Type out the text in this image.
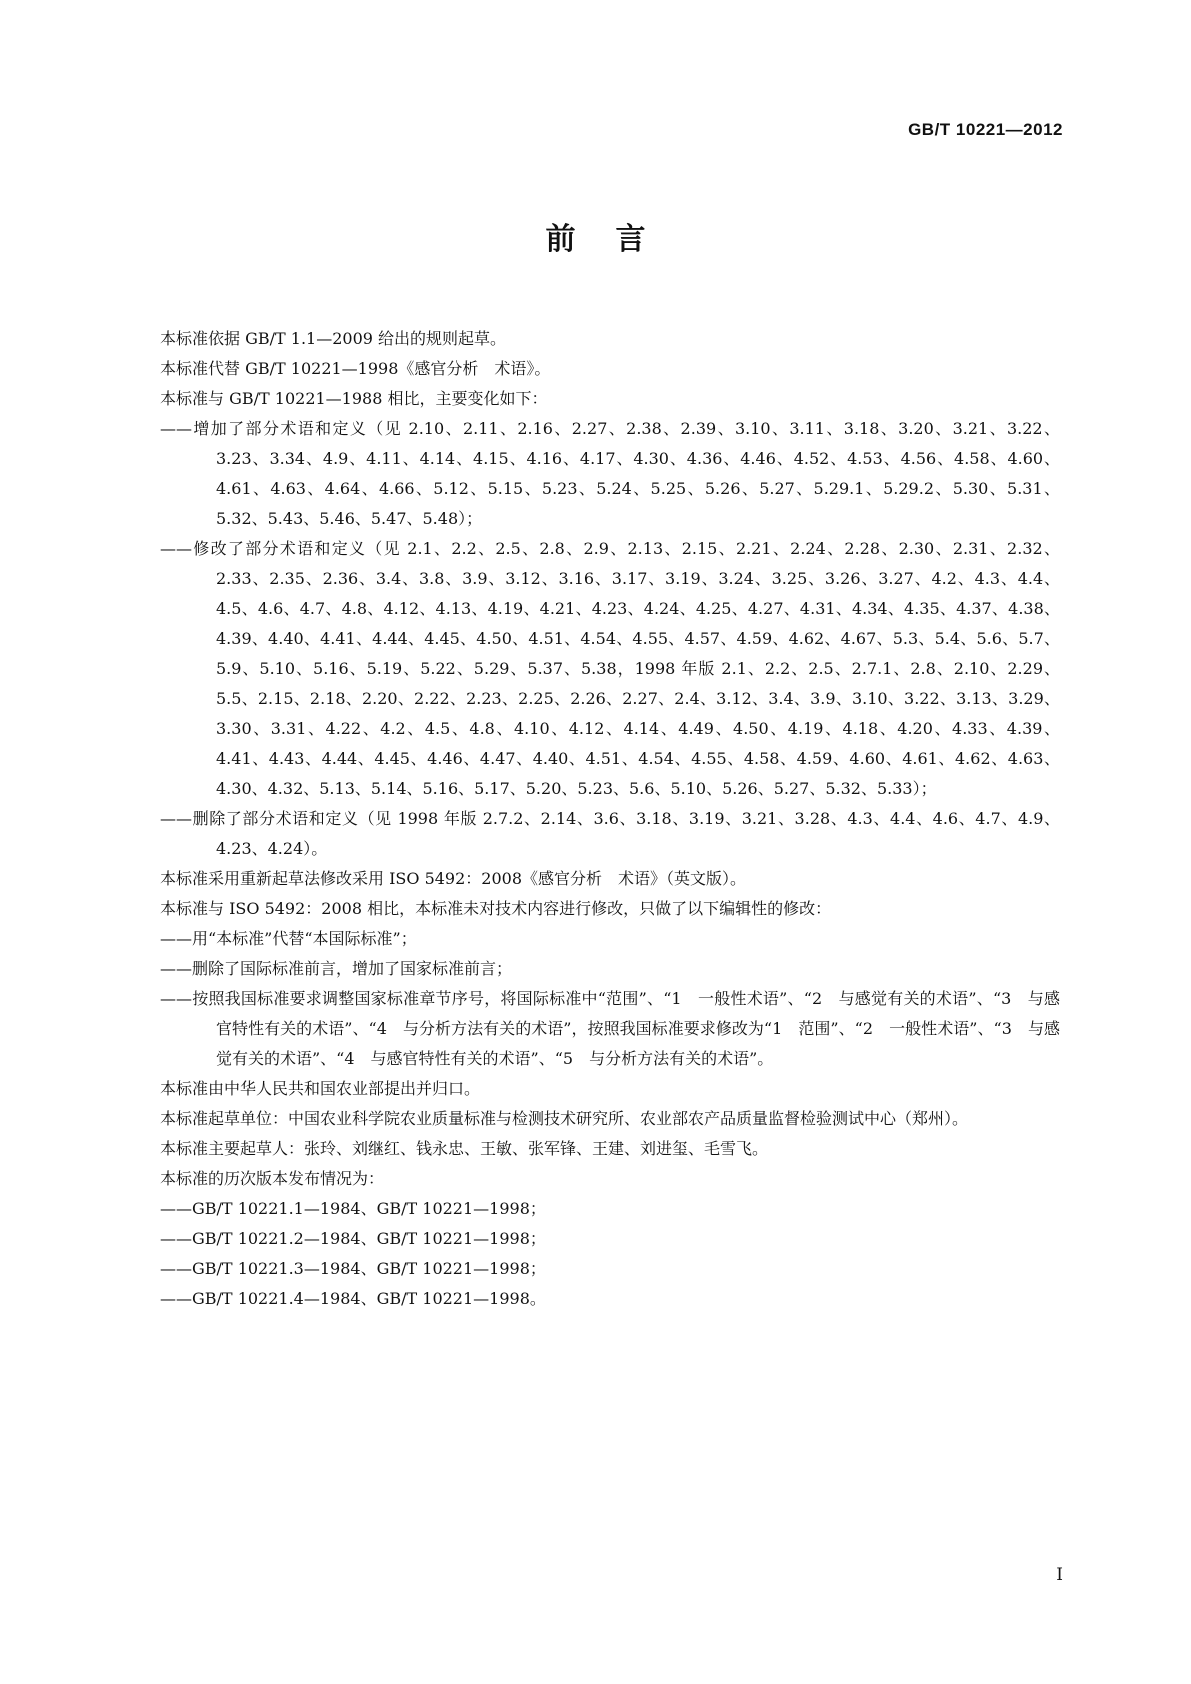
GB/T 10221—2012
前言

本标准依据 GB/T 1.1—2009 给出的规则起草。

本标准代替 GB/T 10221—1998《感官分析　术语》。

本标准与 GB/T 10221—1988 相比，主要变化如下：

——增加了部分术语和定义（见 2.10、2.11、2.16、2.27、2.38、2.39、3.10、3.11、3.18、3.20、3.21、3.22、3.23、3.34、4.9、4.11、4.14、4.15、4.16、4.17、4.30、4.36、4.46、4.52、4.53、4.56、4.58、4.60、4.61、4.63、4.64、4.66、5.12、5.15、5.23、5.24、5.25、5.26、5.27、5.29.1、5.29.2、5.30、5.31、5.32、5.43、5.46、5.47、5.48）；

——修改了部分术语和定义（见 2.1、2.2、2.5、2.8、2.9、2.13、2.15、2.21、2.24、2.28、2.30、2.31、2.32、2.33、2.35、2.36、3.4、3.8、3.9、3.12、3.16、3.17、3.19、3.24、3.25、3.26、3.27、4.2、4.3、4.4、4.5、4.6、4.7、4.8、4.12、4.13、4.19、4.21、4.23、4.24、4.25、4.27、4.31、4.34、4.35、4.37、4.38、4.39、4.40、4.41、4.44、4.45、4.50、4.51、4.54、4.55、4.57、4.59、4.62、4.67、5.3、5.4、5.6、5.7、5.9、5.10、5.16、5.19、5.22、5.29、5.37、5.38，1998 年版 2.1、2.2、2.5、2.7.1、2.8、2.10、2.29、5.5、2.15、2.18、2.20、2.22、2.23、2.25、2.26、2.27、2.4、3.12、3.4、3.9、3.10、3.22、3.13、3.29、3.30、3.31、4.22、4.2、4.5、4.8、4.10、4.12、4.14、4.49、4.50、4.19、4.18、4.20、4.33、4.39、4.41、4.43、4.44、4.45、4.46、4.47、4.40、4.51、4.54、4.55、4.58、4.59、4.60、4.61、4.62、4.63、4.30、4.32、5.13、5.14、5.16、5.17、5.20、5.23、5.6、5.10、5.26、5.27、5.32、5.33）；

——删除了部分术语和定义（见 1998 年版 2.7.2、2.14、3.6、3.18、3.19、3.21、3.28、4.3、4.4、4.6、4.7、4.9、4.23、4.24）。

本标准采用重新起草法修改采用 ISO 5492：2008《感官分析　术语》（英文版）。

本标准与 ISO 5492：2008 相比，本标准未对技术内容进行修改，只做了以下编辑性的修改：

——用“本标准”代替“本国际标准”；

——删除了国际标准前言，增加了国家标准前言；

——按照我国标准要求调整国家标准章节序号，将国际标准中“范围”、“1　一般性术语”、“2　与感觉有关的术语”、“3　与感官特性有关的术语”、“4　与分析方法有关的术语”，按照我国标准要求修改为“1　范围”、“2　一般性术语”、“3　与感觉有关的术语”、“4　与感官特性有关的术语”、“5　与分析方法有关的术语”。

本标准由中华人民共和国农业部提出并归口。

本标准起草单位：中国农业科学院农业质量标准与检测技术研究所、农业部农产品质量监督检验测试中心（郑州）。

本标准主要起草人：张玲、刘继红、钱永忠、王敏、张军锋、王建、刘进玺、毛雪飞。

本标准的历次版本发布情况为：

——GB/T 10221.1—1984、GB/T 10221—1998；

——GB/T 10221.2—1984、GB/T 10221—1998；

——GB/T 10221.3—1984、GB/T 10221—1998；

——GB/T 10221.4—1984、GB/T 10221—1998。

I
